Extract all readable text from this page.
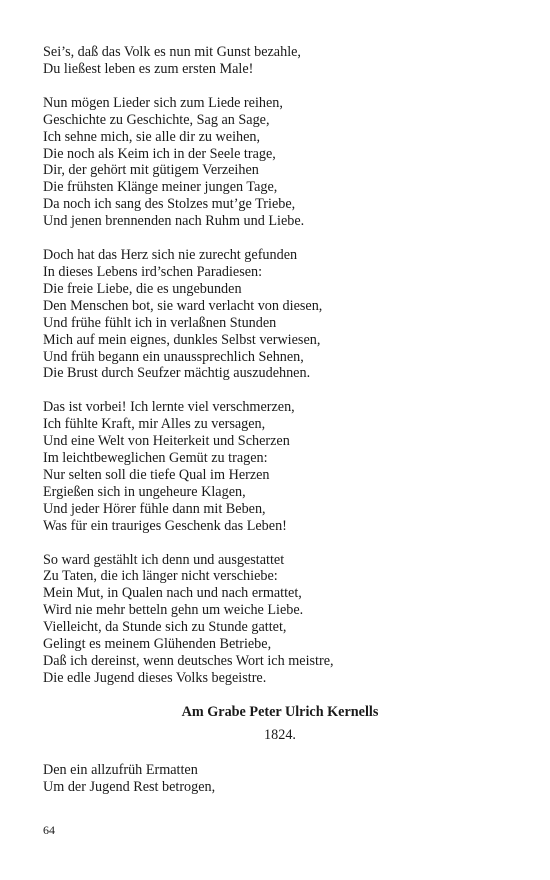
Sei’s, daß das Volk es nun mit Gunst bezahle,
Du ließest leben es zum ersten Male!
Nun mögen Lieder sich zum Liede reihen,
Geschichte zu Geschichte, Sag an Sage,
Ich sehne mich, sie alle dir zu weihen,
Die noch als Keim ich in der Seele trage,
Dir, der gehört mit gütigem Verzeihen
Die frühsten Klänge meiner jungen Tage,
Da noch ich sang des Stolzes mut’ge Triebe,
Und jenen brennenden nach Ruhm und Liebe.
Doch hat das Herz sich nie zurecht gefunden
In dieses Lebens ird’schen Paradiesen:
Die freie Liebe, die es ungebunden
Den Menschen bot, sie ward verlacht von diesen,
Und frühe fühlt ich in verlaßnen Stunden
Mich auf mein eignes, dunkles Selbst verwiesen,
Und früh begann ein unaussprechlich Sehnen,
Die Brust durch Seufzer mächtig auszudehnen.
Das ist vorbei! Ich lernte viel verschmerzen,
Ich fühlte Kraft, mir Alles zu versagen,
Und eine Welt von Heiterkeit und Scherzen
Im leichtbeweglichen Gemüt zu tragen:
Nur selten soll die tiefe Qual im Herzen
Ergießen sich in ungeheure Klagen,
Und jeder Hörer fühle dann mit Beben,
Was für ein trauriges Geschenk das Leben!
So ward gestählt ich denn und ausgestattet
Zu Taten, die ich länger nicht verschiebe:
Mein Mut, in Qualen nach und nach ermattet,
Wird nie mehr betteln gehn um weiche Liebe.
Vielleicht, da Stunde sich zu Stunde gattet,
Gelingt es meinem Glühenden Betriebe,
Daß ich dereinst, wenn deutsches Wort ich meistre,
Die edle Jugend dieses Volks begeistre.
Am Grabe Peter Ulrich Kernells
1824.
Den ein allzufrüh Ermatten
Um der Jugend Rest betrogen,
64
